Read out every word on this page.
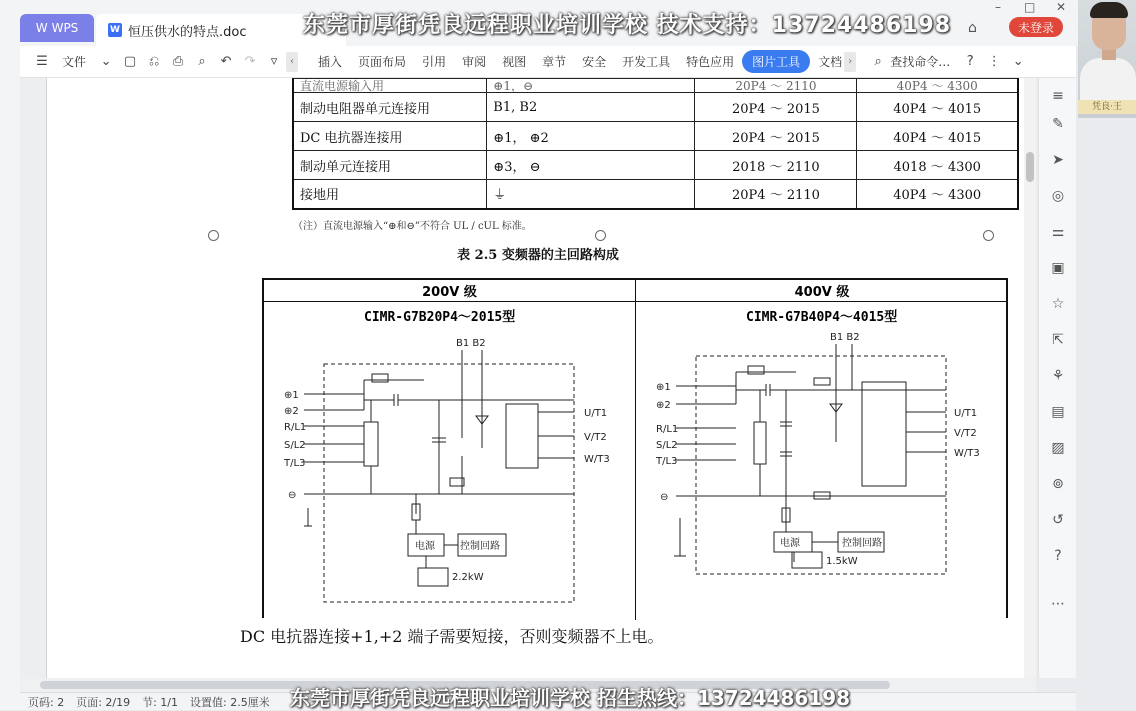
W WPS	W 恒压供水的特点.doc	东莞市厚街凭良远程职业培训学校 技术支持：13724486198	未登录
– □ ✕
⌂
凭良·王
☰	文件	⌄ ▢ ⎌	⎙	⌕	↶	↷	▿	‹	插入	页面布局	引用	审阅	视图	章节	安全	开发工具	特色应用	图片工具	文档 ›	⌕ 查找命令…	?	⋮ ⌄
直流电源输入用	⊕1，⊖	20P4 ～ 2110	40P4 ～ 4300
制动电阻器单元连接用	B1, B2	20P4 ～ 2015	40P4 ～ 4015
DC 电抗器连接用	⊕1， ⊕2	20P4 ～ 2015	40P4 ～ 4015
制动单元连接用	⊕3， ⊖	2018 ～ 2110	4018 ～ 4300
接地用	⏚	20P4 ～ 2110	40P4 ～ 4300
（注）直流电源输入“⊕和⊖”不符合 UL / cUL 标准。
表 2.5 变频器的主回路构成
200V 级	400V 级
CIMR-G7B20P4～2015型	CIMR-G7B40P4～4015型
⊕1
⊕2
R/L1
S/L2
T/L3
⊖
U/T1
V/T2
W/T3
B1 B2
电源	控制回路
2.2kW
⊕1
⊕2
R/L1
S/L2
T/L3
⊖
U/T1
V/T2
W/T3
B1 B2
电源	控制回路
1.5kW
DC 电抗器连接+1,+2 端子需要短接，否则变频器不上电。
≡
✎
➤
◎
⚌
▣
☆
⇱
⚘
▤
▨
⊚
↺
?
⋯
页码: 2 页面: 2/19 节: 1/1 设置值: 2.5厘米 东莞市厚街凭良远程职业培训学校 招生热线：13724486198
